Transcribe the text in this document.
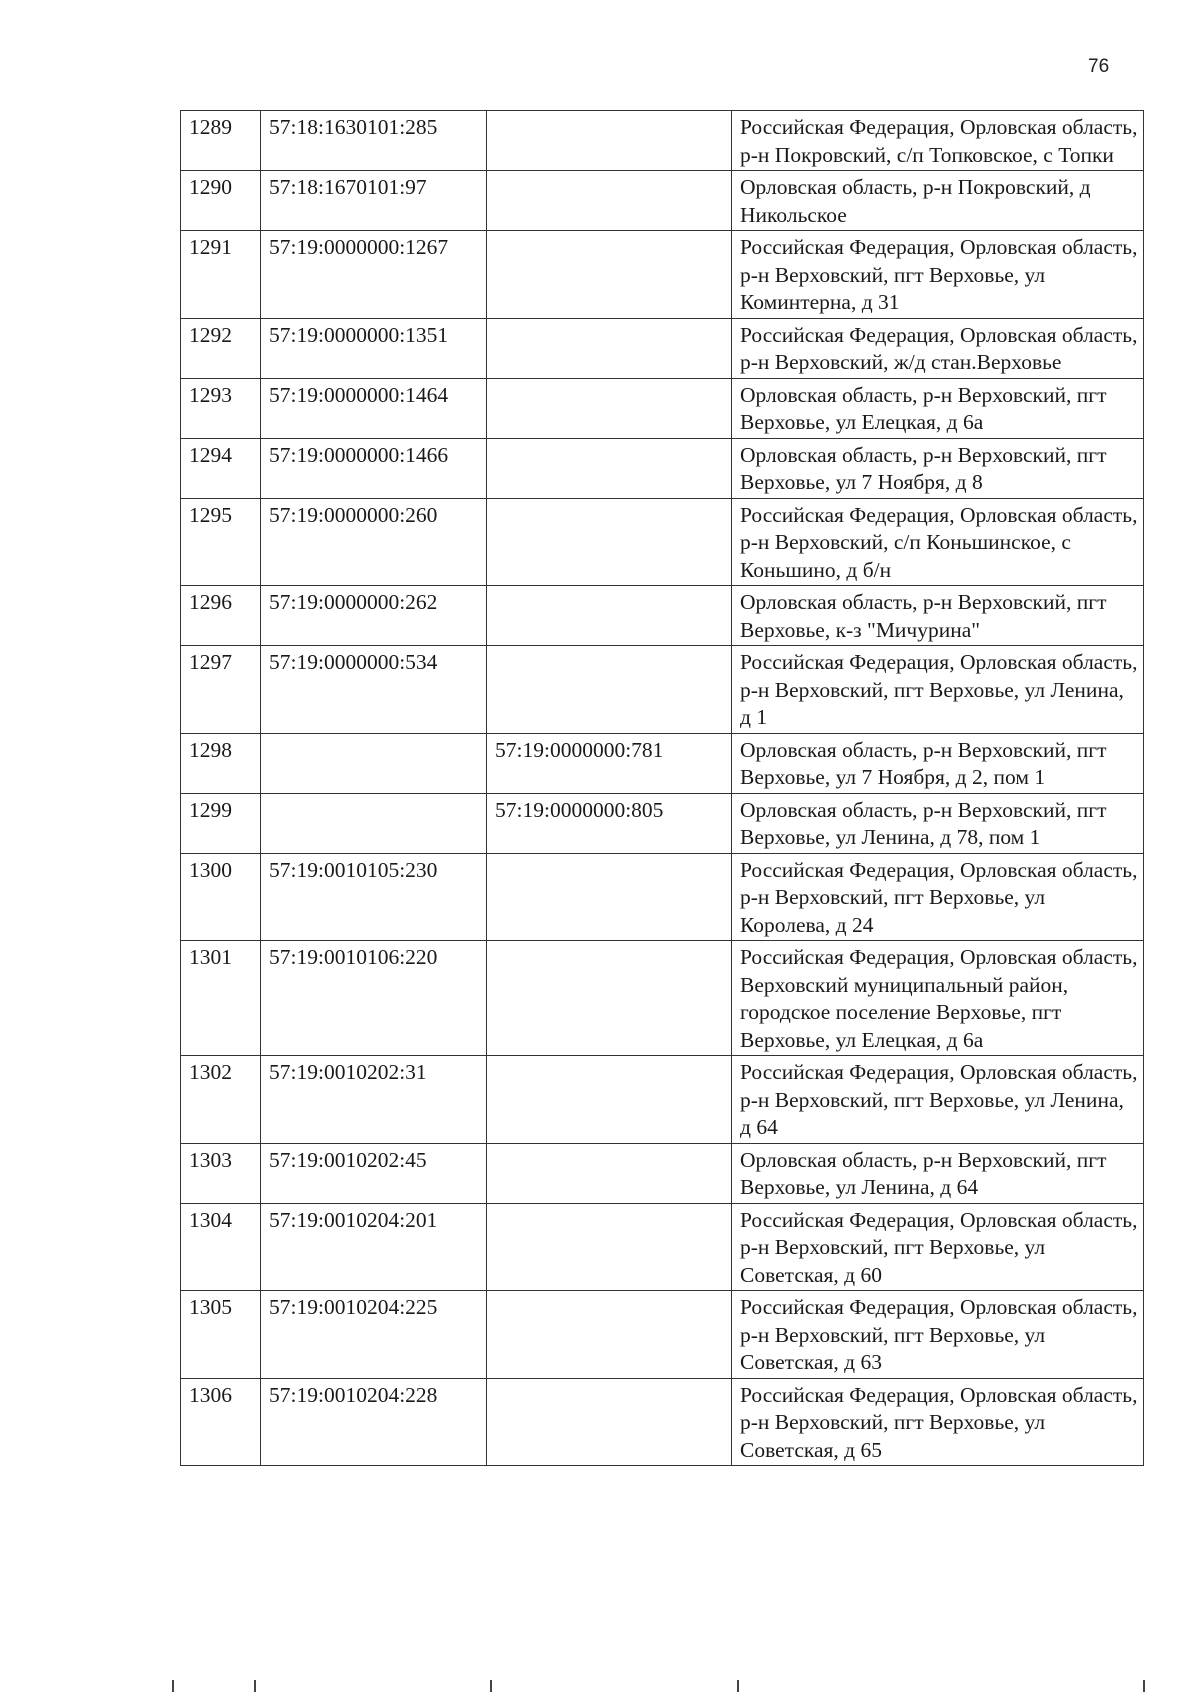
76
1289	57:18:1630101:285		Российская Федерация, Орловская область, р-н Покровский, с/п Топковское, с Топки
1290	57:18:1670101:97		Орловская область, р-н Покровский, д Никольское
1291	57:19:0000000:1267		Российская Федерация, Орловская область, р-н Верховский, пгт Верховье, ул Коминтерна, д 31
1292	57:19:0000000:1351		Российская Федерация, Орловская область, р-н Верховский, ж/д стан.Верховье
1293	57:19:0000000:1464		Орловская область, р-н Верховский, пгт Верховье, ул Елецкая, д 6а
1294	57:19:0000000:1466		Орловская область, р-н Верховский, пгт Верховье, ул 7 Ноября, д 8
1295	57:19:0000000:260		Российская Федерация, Орловская область, р-н Верховский, с/п Коньшинское, с Коньшино, д б/н
1296	57:19:0000000:262		Орловская область, р-н Верховский, пгт Верховье, к-з "Мичурина"
1297	57:19:0000000:534		Российская Федерация, Орловская область, р-н Верховский, пгт Верховье, ул Ленина, д 1
1298		57:19:0000000:781	Орловская область, р-н Верховский, пгт Верховье, ул 7 Ноября, д 2, пом 1
1299		57:19:0000000:805	Орловская область, р-н Верховский, пгт Верховье, ул Ленина, д 78, пом 1
1300	57:19:0010105:230		Российская Федерация, Орловская область, р-н Верховский, пгт Верховье, ул Королева, д 24
1301	57:19:0010106:220		Российская Федерация, Орловская область, Верховский муниципальный район, городское поселение Верховье, пгт Верховье, ул Елецкая, д 6а
1302	57:19:0010202:31		Российская Федерация, Орловская область, р-н Верховский, пгт Верховье, ул Ленина, д 64
1303	57:19:0010202:45		Орловская область, р-н Верховский, пгт Верховье, ул Ленина, д 64
1304	57:19:0010204:201		Российская Федерация, Орловская область, р-н Верховский, пгт Верховье, ул Советская, д 60
1305	57:19:0010204:225		Российская Федерация, Орловская область, р-н Верховский, пгт Верховье, ул Советская, д 63
1306	57:19:0010204:228		Российская Федерация, Орловская область, р-н Верховский, пгт Верховье, ул Советская, д 65
